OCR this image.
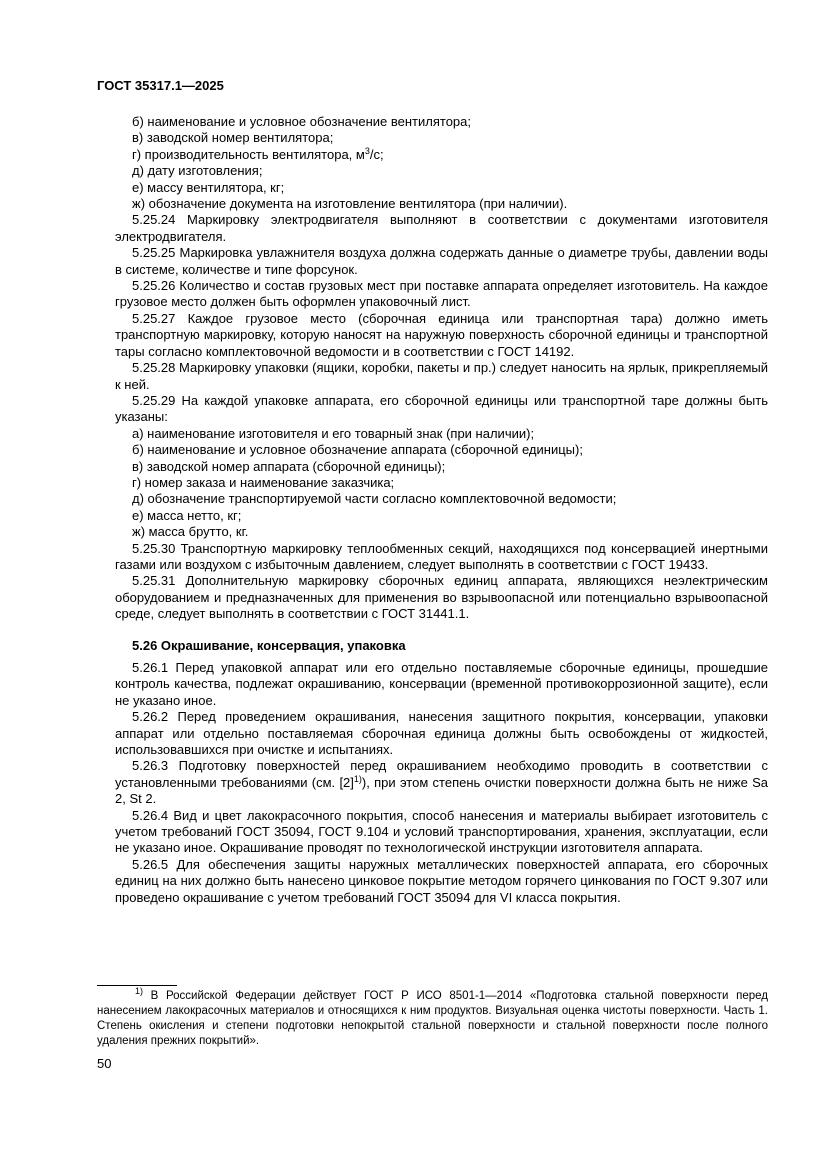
ГОСТ 35317.1—2025

б) наименование и условное обозначение вентилятора;

в) заводской номер вентилятора;

г) производительность вентилятора, $м^3/с$;

д) дату изготовления;

е) массу вентилятора, кг;

ж) обозначение документа на изготовление вентилятора (при наличии).

5.25.24 Маркировку электродвигателя выполняют в соответствии с документами изготовителя электродвигателя.

5.25.25 Маркировка увлажнителя воздуха должна содержать данные о диаметре трубы, давлении воды в системе, количестве и типе форсунок.

5.25.26 Количество и состав грузовых мест при поставке аппарата определяет изготовитель. На каждое грузовое место должен быть оформлен упаковочный лист.

5.25.27 Каждое грузовое место (сборочная единица или транспортная тара) должно иметь транспортную маркировку, которую наносят на наружную поверхность сборочной единицы и транспортной тары согласно комплектовочной ведомости и в соответствии с ГОСТ 14192.

5.25.28 Маркировку упаковки (ящики, коробки, пакеты и пр.) следует наносить на ярлык, прикрепляемый к ней.

5.25.29 На каждой упаковке аппарата, его сборочной единицы или транспортной таре должны быть указаны:

а) наименование изготовителя и его товарный знак (при наличии);

б) наименование и условное обозначение аппарата (сборочной единицы);

в) заводской номер аппарата (сборочной единицы);

г) номер заказа и наименование заказчика;

д) обозначение транспортируемой части согласно комплектовочной ведомости;

е) масса нетто, кг;

ж) масса брутто, кг.

5.25.30 Транспортную маркировку теплообменных секций, находящихся под консервацией инертными газами или воздухом с избыточным давлением, следует выполнять в соответствии с ГОСТ 19433.

5.25.31 Дополнительную маркировку сборочных единиц аппарата, являющихся неэлектрическим оборудованием и предназначенных для применения во взрывоопасной или потенциально взрывоопасной среде, следует выполнять в соответствии с ГОСТ 31441.1.

5.26 Окрашивание, консервация, упаковка

5.26.1 Перед упаковкой аппарат или его отдельно поставляемые сборочные единицы, прошедшие контроль качества, подлежат окрашиванию, консервации (временной противокоррозионной защите), если не указано иное.

5.26.2 Перед проведением окрашивания, нанесения защитного покрытия, консервации, упаковки аппарат или отдельно поставляемая сборочная единица должны быть освобождены от жидкостей, использовавшихся при очистке и испытаниях.

5.26.3 Подготовку поверхностей перед окрашиванием необходимо проводить в соответствии с установленными требованиями (см. $[2]^{1)}$), при этом степень очистки поверхности должна быть не ниже Sa 2, St 2.

5.26.4 Вид и цвет лакокрасочного покрытия, способ нанесения и материалы выбирает изготовитель с учетом требований ГОСТ 35094, ГОСТ 9.104 и условий транспортирования, хранения, эксплуатации, если не указано иное. Окрашивание проводят по технологической инструкции изготовителя аппарата.

5.26.5 Для обеспечения защиты наружных металлических поверхностей аппарата, его сборочных единиц на них должно быть нанесено цинковое покрытие методом горячего цинкования по ГОСТ 9.307 или проведено окрашивание с учетом требований ГОСТ 35094 для VI класса покрытия.

$^{1)}$ В Российской Федерации действует ГОСТ Р ИСО 8501-1—2014 «Подготовка стальной поверхности перед нанесением лакокрасочных материалов и относящихся к ним продуктов. Визуальная оценка чистоты поверхности. Часть 1. Степень окисления и степени подготовки непокрытой стальной поверхности и стальной поверхности после полного удаления прежних покрытий».
50
